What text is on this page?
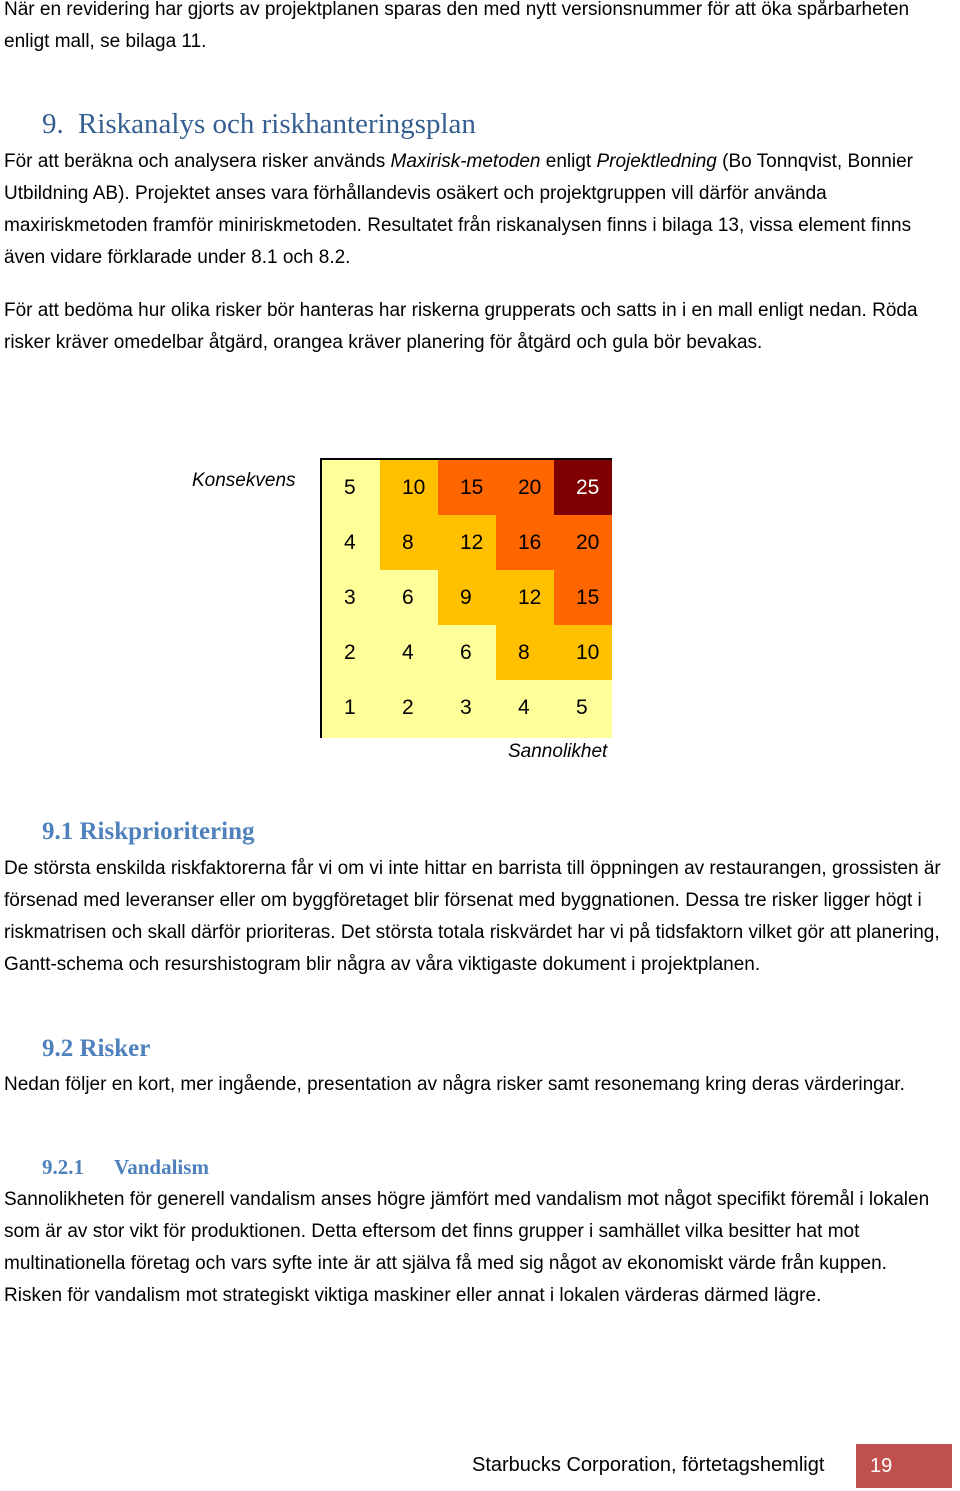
När en revidering har gjorts av projektplanen sparas den med nytt versionsnummer för att öka spårbarheten enligt mall, se bilaga 11.

9. Riskanalys och riskhanteringsplan

För att beräkna och analysera risker används Maxirisk-metoden enligt Projektledning (Bo Tonnqvist, Bonnier Utbildning AB). Projektet anses vara förhållandevis osäkert och projektgruppen vill därför använda maxiriskmetoden framför miniriskmetoden. Resultatet från riskanalysen finns i bilaga 13, vissa element finns även vidare förklarade under 8.1 och 8.2.

För att bedöma hur olika risker bör hanteras har riskerna grupperats och satts in i en mall enligt nedan. Röda risker kräver omedelbar åtgärd, orangea kräver planering för åtgärd och gula bör bevakas.

Konsekvens 5 10 15 20 25
4 8 12 16 20
3 6 9 12 15
2 4 6 8 10
1 2 3 4 5
Sannolikhet
9.1 Riskprioritering

De största enskilda riskfaktorerna får vi om vi inte hittar en barrista till öppningen av restaurangen, grossisten är försenad med leveranser eller om byggföretaget blir försenat med byggnationen. Dessa tre risker ligger högt i riskmatrisen och skall därför prioriteras. Det största totala riskvärdet har vi på tidsfaktorn vilket gör att planering, Gantt-schema och resurshistogram blir några av våra viktigaste dokument i projektplanen.

9.2 Risker

Nedan följer en kort, mer ingående, presentation av några risker samt resonemang kring deras värderingar.

9.2.1 Vandalism

Sannolikheten för generell vandalism anses högre jämfört med vandalism mot något specifikt föremål i lokalen som är av stor vikt för produktionen. Detta eftersom det finns grupper i samhället vilka besitter hat mot multinationella företag och vars syfte inte är att själva få med sig något av ekonomiskt värde från kuppen. Risken för vandalism mot strategiskt viktiga maskiner eller annat i lokalen värderas därmed lägre.

Starbucks Corporation, förtetagshemligt	19
